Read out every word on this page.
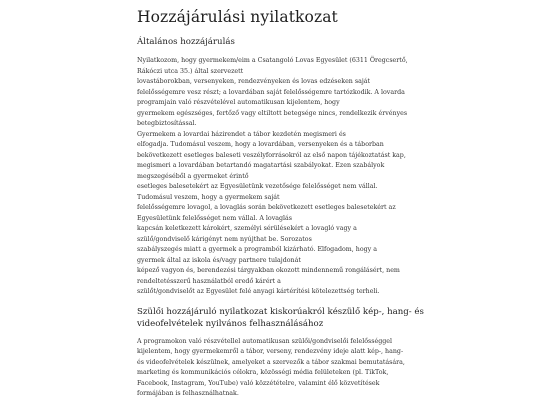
Hozzájárulási nyilatkozat
Általános hozzájárulás
Nyilatkozom, hogy gyermekem/eim a Csatangoló Lovas Egyesület (6311 Öregcsertő,
Rákóczi utca 35.) által szervezett
lovastáborokban, versenyeken, rendezvényeken és lovas edzéseken saját
felelősségemre vesz részt; a lovardában saját felelősségemre tartózkodik. A lovarda
programjain való részvételével automatikusan kijelentem, hogy
gyermekem egészséges, fertőző vagy eltiltott betegsége nincs, rendelkezik érvényes
betegbiztosítással.
Gyermekem a lovardai házirendet a tábor kezdetén megismeri és
elfogadja. Tudomásul veszem, hogy a lovardában, versenyeken és a táborban
bekövetkezett esetleges baleseti veszélyforrásokról az első napon tájékoztatást kap,
megismeri a lovardában betartandó magatartási szabályokat. Ezen szabályok
megszegéséből a gyermeket érintő
esetleges balesetekért az Egyesületünk vezetősége felelősséget nem vállal.
Tudomásul veszem, hogy a gyermekem saját
felelősségemre lovagol, a lovaglás során bekövetkezett esetleges balesetekért az
Egyesületünk felelősséget nem vállal. A lovaglás
kapcsán keletkezett károkért, személyi sérülésekért a lovagló vagy a
szülő/gondviselő kárigényt nem nyújthat be. Sorozatos
szabályszegés miatt a gyermek a programból kizárható. Elfogadom, hogy a
gyermek által az iskola és/vagy partnere tulajdonát
képező vagyon és, berendezési tárgyakban okozott mindennemű rongálásért, nem
rendeltetésszerű használatból eredő kárért a
szülőt/gondviselőt az Egyesület felé anyagi kártérítési kötelezettség terheli.
Szülői hozzájáruló nyilatkozat kiskorúakról készülő kép-, hang- és
videofelvételek nyilvános felhasználásához
A programokon való részvétellel automatikusan szülői/gondviselői felelősséggel
kijelentem, hogy gyermekemről a tábor, verseny, rendezvény ideje alatt kép-, hang-
és videofelvételek készülnek, amelyeket a szervezők a tábor szakmai bemutatására,
marketing és kommunikációs célokra, közösségi média felületeken (pl. TikTok,
Facebook, Instagram, YouTube) való közzétételre, valamint élő közvetítések
formájában is felhasználhatnak.
